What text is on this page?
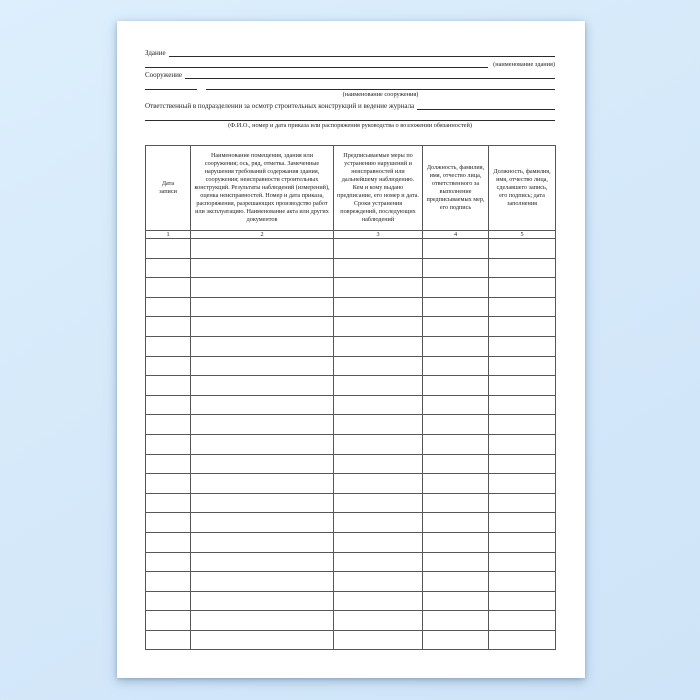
Здание
(наименование здания)
Сооружение
(наименование сооружения)
Ответственный в подразделении за осмотр строительных конструкций и ведение журнала
(Ф.И.О., номер и дата приказа или распоряжения руководства о возложении обязанностей)
Дата записи	Наименование помещения, здания или сооружения; ось, ряд, отметка. Замеченные нарушения требований содержания здания, сооружения; неисправности строительных конструкций. Результаты наблюдений (измерений), оценка неисправностей. Номер и дата приказа, распоряжения, разрешающих производство работ или эксплуатацию. Наименование акта или других документов	Предписываемые меры по устранению нарушений и неисправностей или дальнейшему наблюдению. Кем и кому выдано предписание, его номер и дата. Сроки устранения повреждений, последующих наблюдений	Должность, фамилия, имя, отчество лица, ответственного за выполнение предписываемых мер, его подпись	Должность, фамилия, имя, отчество лица, сделавшего запись, его подпись; дата заполнения
1	2	3	4	5
